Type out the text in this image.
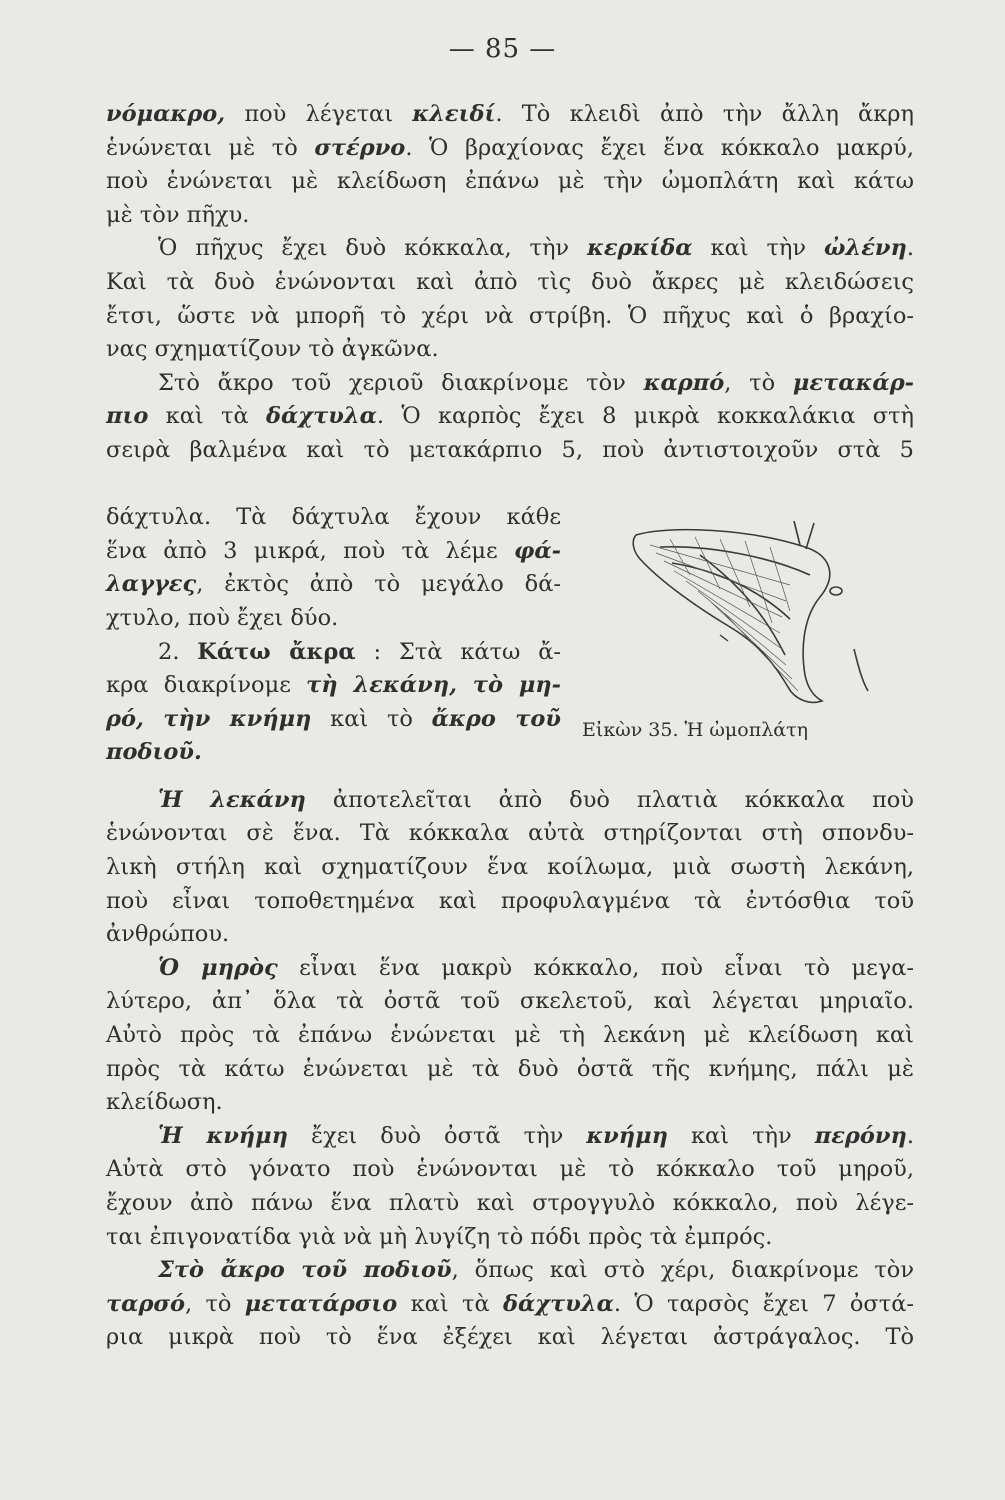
— 85 —
νόμακρο, ποὺ λέγεται κλειδί. Τὸ κλειδὶ ἀπὸ τὴν ἄλλη ἄκρη
ἑνώνεται μὲ τὸ στέρνο. Ὁ βραχίονας ἔχει ἕνα κόκκαλο μακρύ,
ποὺ ἑνώνεται μὲ κλείδωση ἐπάνω μὲ τὴν ὠμοπλάτη καὶ κάτω
μὲ τὸν πῆχυ.
Ὁ πῆχυς ἔχει δυὸ κόκκαλα, τὴν κερκίδα καὶ τὴν ὠλένη.
Καὶ τὰ δυὸ ἑνώνονται καὶ ἀπὸ τὶς δυὸ ἄκρες μὲ κλειδώσεις
ἔτσι, ὥστε νὰ μπορῆ τὸ χέρι νὰ στρίβη. Ὁ πῆχυς καὶ ὁ βραχίο-
νας σχηματίζουν τὸ ἀγκῶνα.
Στὸ ἄκρο τοῦ χεριοῦ διακρίνομε τὸν καρπό, τὸ μετακάρ-
πιο καὶ τὰ δάχτυλα. Ὁ καρπὸς ἔχει 8 μικρὰ κοκκαλάκια στὴ
σειρὰ βαλμένα καὶ τὸ μετακάρπιο 5, ποὺ ἀντιστοιχοῦν στὰ 5
δάχτυλα. Τὰ δάχτυλα ἔχουν κάθε
ἕνα ἀπὸ 3 μικρά, ποὺ τὰ λέμε φά-
λαγγες, ἐκτὸς ἀπὸ τὸ μεγάλο δά-
χτυλο, ποὺ ἔχει δύο.
2. Κάτω ἄκρα : Στὰ κάτω ἄ-
κρα διακρίνομε τὴ λεκάνη, τὸ μη-
ρό, τὴν κνήμη καὶ τὸ ἄκρο τοῦ
ποδιοῦ.
Εἰκὼν 35. Ἡ ὠμοπλάτη
Ἡ λεκάνη ἀποτελεῖται ἀπὸ δυὸ πλατιὰ κόκκαλα ποὺ
ἑνώνονται σὲ ἕνα. Τὰ κόκκαλα αὐτὰ στηρίζονται στὴ σπονδυ-
λικὴ στήλη καὶ σχηματίζουν ἕνα κοίλωμα, μιὰ σωστὴ λεκάνη,
ποὺ εἶναι τοποθετημένα καὶ προφυλαγμένα τὰ ἐντόσθια τοῦ
ἀνθρώπου.
Ὁ μηρὸς εἶναι ἕνα μακρὺ κόκκαλο, ποὺ εἶναι τὸ μεγα-
λύτερο, ἀπ᾽ ὅλα τὰ ὀστᾶ τοῦ σκελετοῦ, καὶ λέγεται μηριαῖο.
Αὐτὸ πρὸς τὰ ἐπάνω ἑνώνεται μὲ τὴ λεκάνη μὲ κλείδωση καὶ
πρὸς τὰ κάτω ἑνώνεται μὲ τὰ δυὸ ὀστᾶ τῆς κνήμης, πάλι μὲ
κλείδωση.
Ἡ κνήμη ἔχει δυὸ ὀστᾶ τὴν κνήμη καὶ τὴν περόνη.
Αὐτὰ στὸ γόνατο ποὺ ἑνώνονται μὲ τὸ κόκκαλο τοῦ μηροῦ,
ἔχουν ἀπὸ πάνω ἕνα πλατὺ καὶ στρογγυλὸ κόκκαλο, ποὺ λέγε-
ται ἐπιγονατίδα γιὰ νὰ μὴ λυγίζη τὸ πόδι πρὸς τὰ ἐμπρός.
Στὸ ἄκρο τοῦ ποδιοῦ, ὅπως καὶ στὸ χέρι, διακρίνομε τὸν
ταρσό, τὸ μετατάρσιο καὶ τὰ δάχτυλα. Ὁ ταρσὸς ἔχει 7 ὀστά-
ρια μικρὰ ποὺ τὸ ἕνα ἐξέχει καὶ λέγεται ἀστράγαλος. Τὸ
